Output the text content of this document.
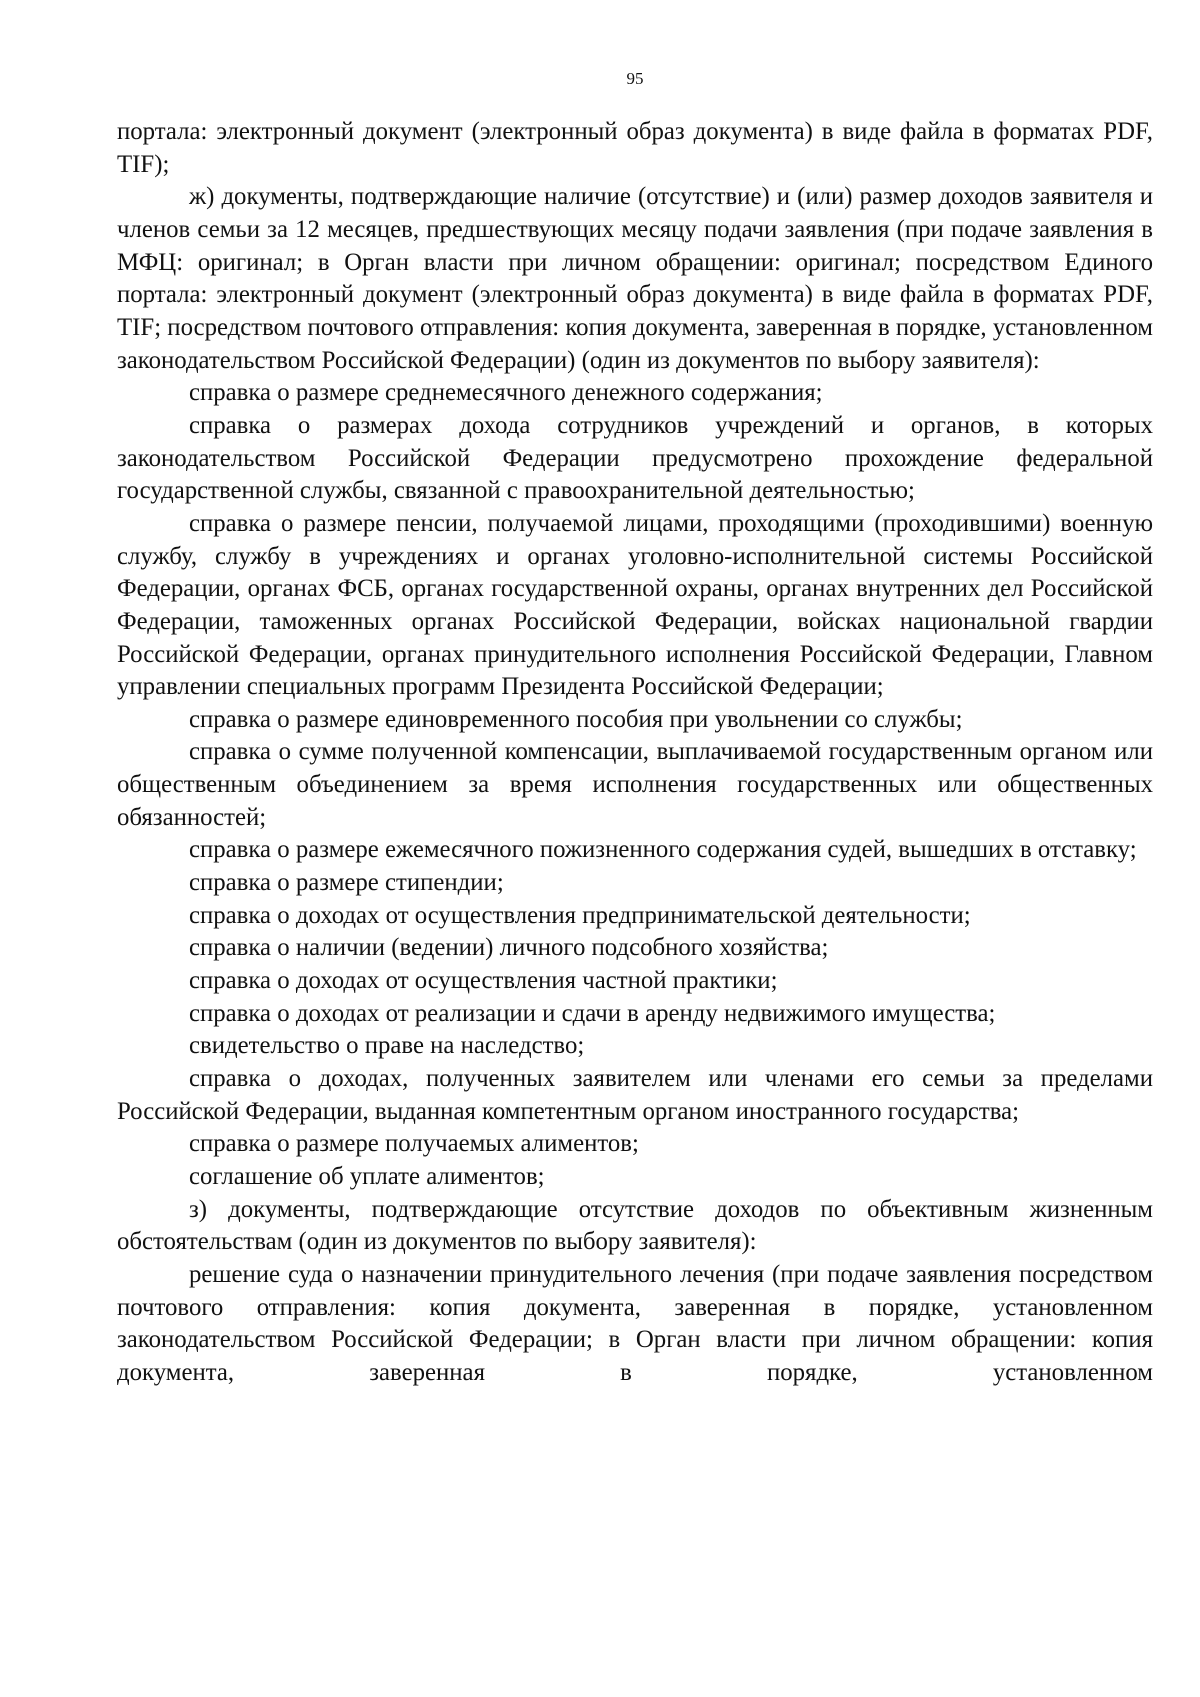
95

портала: электронный документ (электронный образ документа) в виде файла в форматах PDF, TIF);

ж) документы, подтверждающие наличие (отсутствие) и (или) размер доходов заявителя и членов семьи за 12 месяцев, предшествующих месяцу подачи заявления (при подаче заявления в МФЦ: оригинал; в Орган власти при личном обращении: оригинал; посредством Единого портала: электронный документ (электронный образ документа) в виде файла в форматах PDF, TIF; посредством почтового отправления: копия документа, заверенная в порядке, установленном законодательством Российской Федерации) (один из документов по выбору заявителя):

справка о размере среднемесячного денежного содержания;

справка о размерах дохода сотрудников учреждений и органов, в которых законодательством Российской Федерации предусмотрено прохождение федеральной государственной службы, связанной с правоохранительной деятельностью;

справка о размере пенсии, получаемой лицами, проходящими (проходившими) военную службу, службу в учреждениях и органах уголовно-исполнительной системы Российской Федерации, органах ФСБ, органах государственной охраны, органах внутренних дел Российской Федерации, таможенных органах Российской Федерации, войсках национальной гвардии Российской Федерации, органах принудительного исполнения Российской Федерации, Главном управлении специальных программ Президента Российской Федерации;

справка о размере единовременного пособия при увольнении со службы;

справка о сумме полученной компенсации, выплачиваемой государственным органом или общественным объединением за время исполнения государственных или общественных обязанностей;

справка о размере ежемесячного пожизненного содержания судей, вышедших в отставку;

справка о размере стипендии;

справка о доходах от осуществления предпринимательской деятельности;

справка о наличии (ведении) личного подсобного хозяйства;

справка о доходах от осуществления частной практики;

справка о доходах от реализации и сдачи в аренду недвижимого имущества;

свидетельство о праве на наследство;

справка о доходах, полученных заявителем или членами его семьи за пределами Российской Федерации, выданная компетентным органом иностранного государства;

справка о размере получаемых алиментов;

соглашение об уплате алиментов;

з) документы, подтверждающие отсутствие доходов по объективным жизненным обстоятельствам (один из документов по выбору заявителя):

решение суда о назначении принудительного лечения (при подаче заявления посредством почтового отправления: копия документа, заверенная в порядке, установленном законодательством Российской Федерации; в Орган власти при личном обращении: копия документа, заверенная в порядке, установленном
